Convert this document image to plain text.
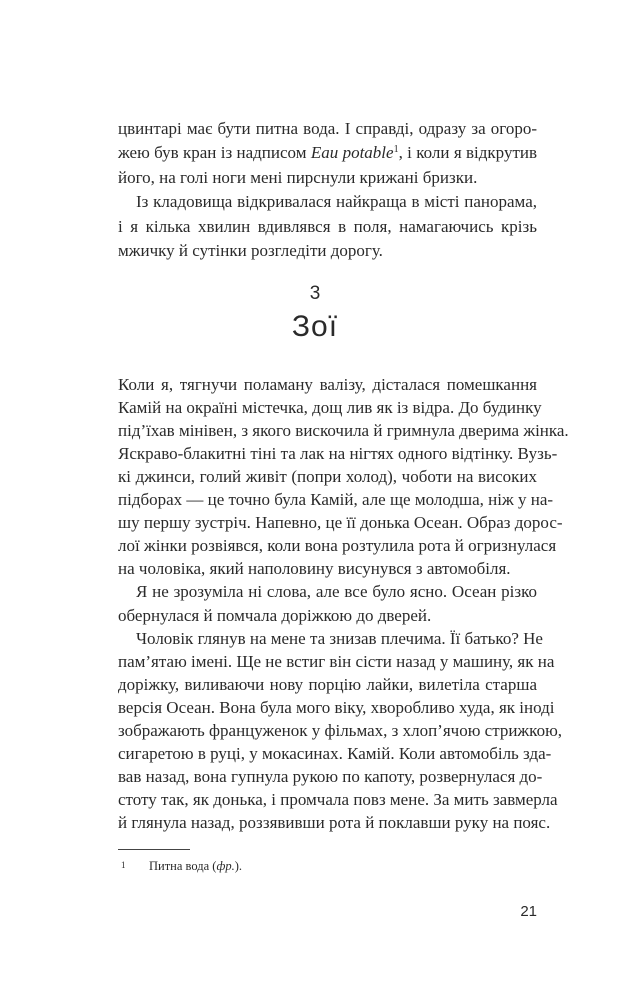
цвинтарі має бути питна вода. І справді, одразу за огоро-
жею був кран із надписом Eau potable$^1$, і коли я відкрутив
його, на голі ноги мені пирснули крижані бризки.
Із кладовища відкривалася найкраща в місті панорама,
і я кілька хвилин вдивлявся в поля, намагаючись крізь
мжичку й сутінки розгледіти дорогу.
3
Зої
Коли я, тягнучи поламану валізу, дісталася помешкання
Камій на окраїні містечка, дощ лив як із відра. До будинку
під’їхав мінівен, з якого вискочила й гримнула дверима жінка.
Яскраво-блакитні тіні та лак на нігтях одного відтінку. Вузь-
кі джинси, голий живіт (попри холод), чоботи на високих
підборах — це точно була Камій, але ще молодша, ніж у на-
шу першу зустріч. Напевно, це її донька Осеан. Образ дорос-
лої жінки розвіявся, коли вона розтулила рота й огризнулася
на чоловіка, який наполовину висунувся з автомобіля.
Я не зрозуміла ні слова, але все було ясно. Осеан різко
обернулася й помчала доріжкою до дверей.
Чоловік глянув на мене та знизав плечима. Її батько? Не
пам’ятаю імені. Ще не встиг він сісти назад у машину, як на
доріжку, виливаючи нову порцію лайки, вилетіла старша
версія Осеан. Вона була мого віку, хворобливо худа, як іноді
зображають француженок у фільмах, з хлоп’ячою стрижкою,
сигаретою в руці, у мокасинах. Камій. Коли автомобіль зда-
вав назад, вона гупнула рукою по капоту, розвернулася до-
стоту так, як донька, і промчала повз мене. За мить завмерла
й глянула назад, роззявивши рота й поклавши руку на пояс.
1 Питна вода (фр.).
21
